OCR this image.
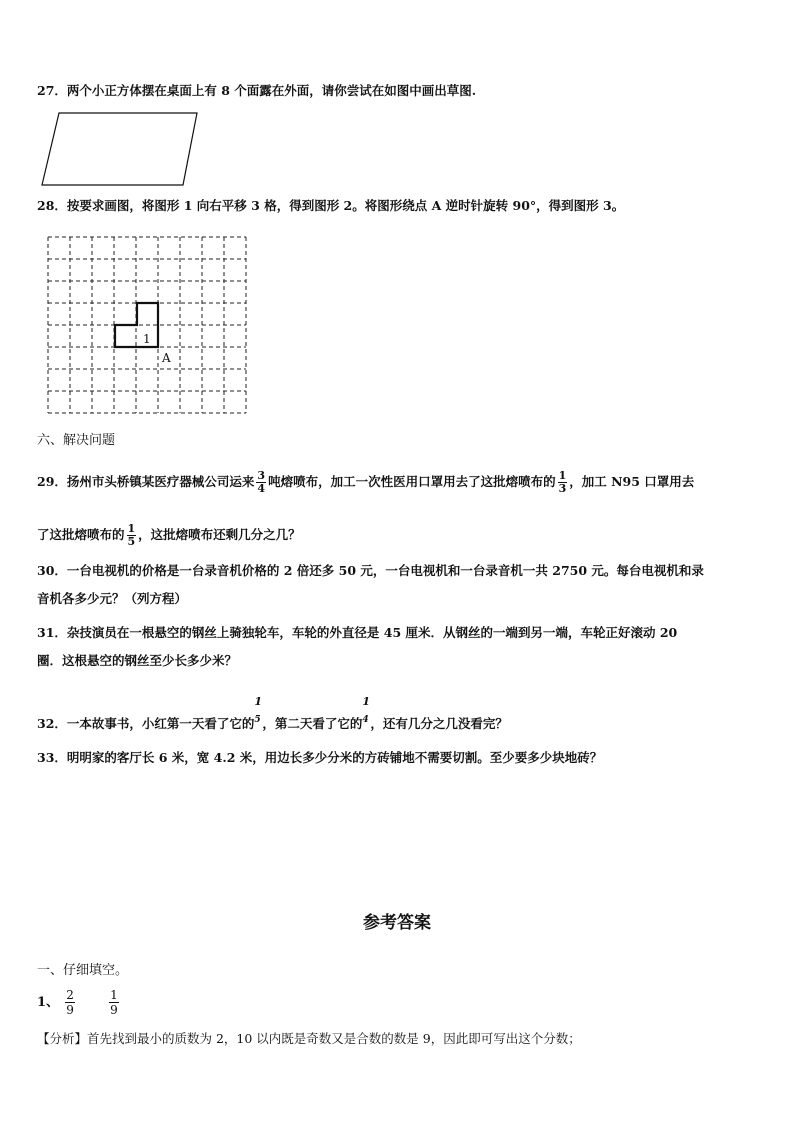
27．两个小正方体摆在桌面上有 8 个面露在外面，请你尝试在如图中画出草图.
28．按要求画图，将图形 1 向右平移 3 格，得到图形 2。将图形绕点 A 逆时针旋转 90°，得到图形 3。
1
A
六、解决问题
29．扬州市头桥镇某医疗器械公司运来 $\frac{3}{4}$ 吨熔喷布，加工一次性医用口罩用去了这批熔喷布的 $\frac{1}{3}$ ，加工 N95 口罩用去
了这批熔喷布的 $\frac{1}{5}$ ，这批熔喷布还剩几分之几？
30．一台电视机的价格是一台录音机价格的 2 倍还多 50 元，一台电视机和一台录音机一共 2750 元。每台电视机和录
音机各多少元？（列方程）
31．杂技演员在一根悬空的钢丝上骑独轮车，车轮的外直径是 45 厘米．从钢丝的一端到另一端，车轮正好滚动 20
圈．这根悬空的钢丝至少长多少米？
32．一本故事书，小红第一天看了它的
1
5 ，第二天看了它的
1
4 ，还有几分之几没看完？
33．明明家的客厅长 6 米，宽 4.2 米，用边长多少分米的方砖铺地不需要切割。至少要多少块地砖？
参考答案
一、仔细填空。
1、 $\frac{2}{9}$
	$\frac{1}{9}$
【分析】首先找到最小的质数为 2，10 以内既是奇数又是合数的数是 9，因此即可写出这个分数；
